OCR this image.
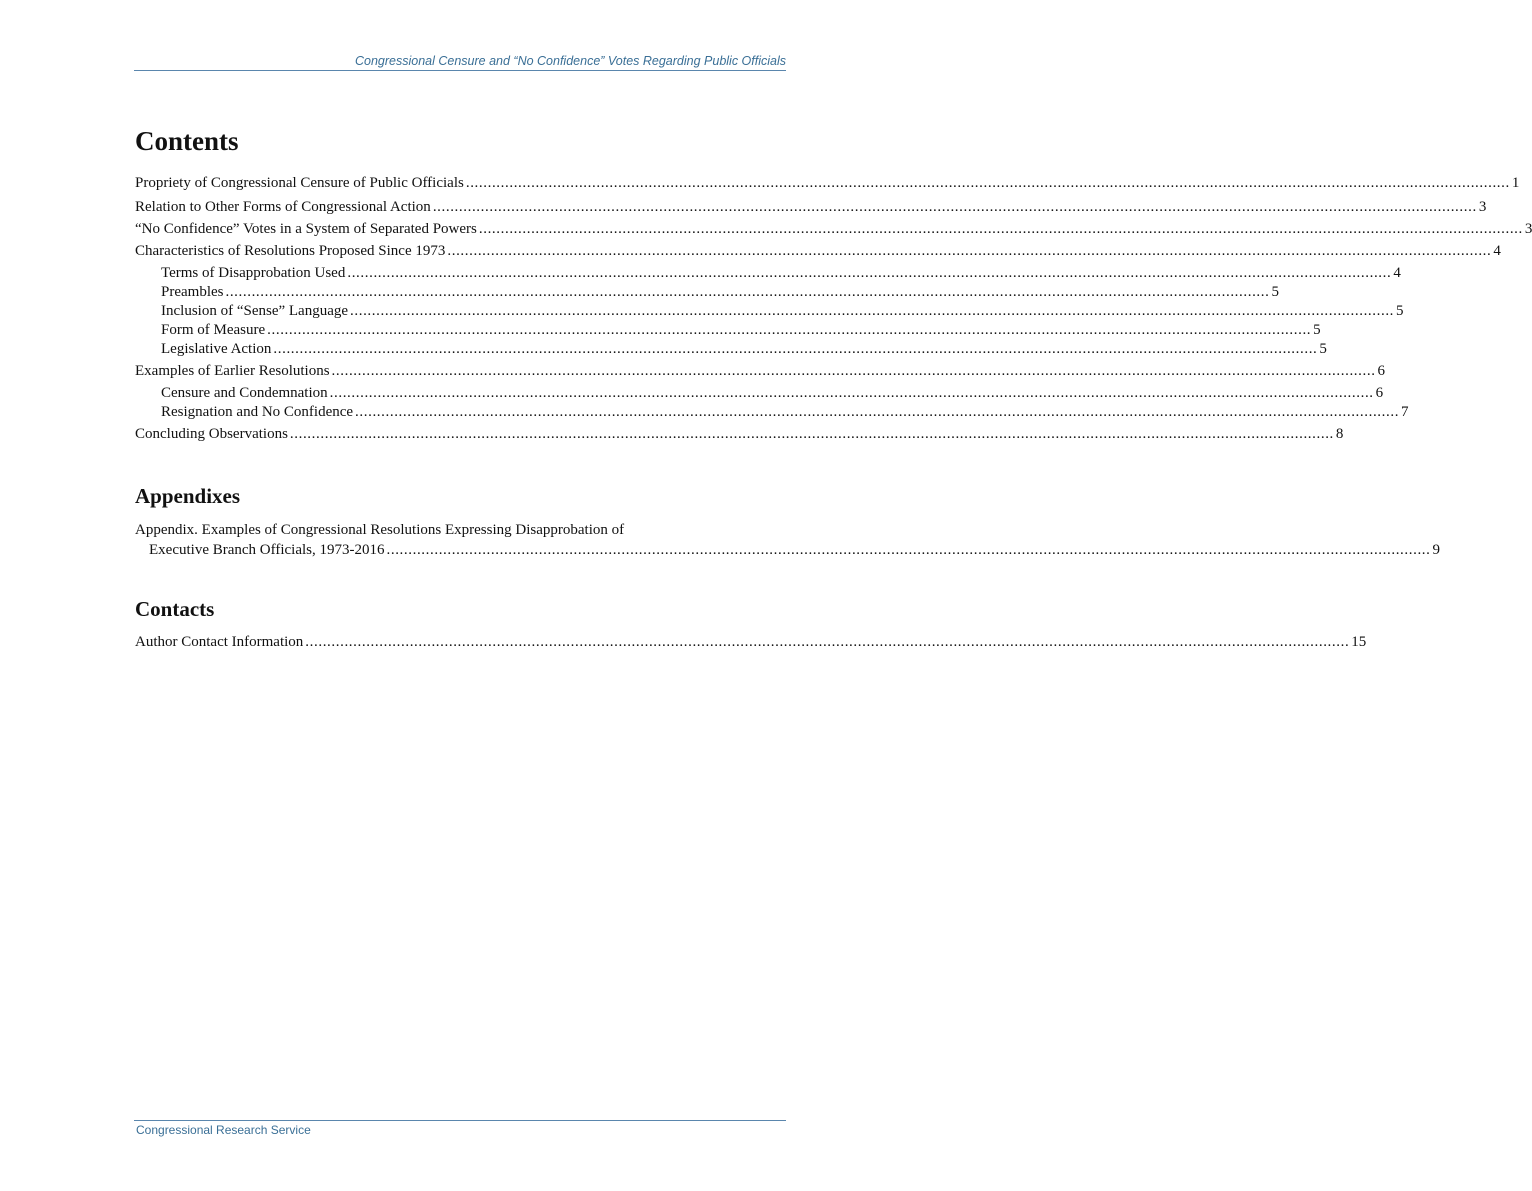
Congressional Censure and “No Confidence” Votes Regarding Public Officials
Contents
Propriety of Congressional Censure of Public Officials ................................................................................................................................................................................................................................................ 1
Relation to Other Forms of Congressional Action ................................................................................................................................................................................................................................................ 3
“No Confidence” Votes in a System of Separated Powers ................................................................................................................................................................................................................................................ 3
Characteristics of Resolutions Proposed Since 1973 ................................................................................................................................................................................................................................................ 4
Terms of Disapprobation Used ................................................................................................................................................................................................................................................ 4
Preambles ................................................................................................................................................................................................................................................ 5
Inclusion of “Sense” Language ................................................................................................................................................................................................................................................ 5
Form of Measure ................................................................................................................................................................................................................................................ 5
Legislative Action ................................................................................................................................................................................................................................................ 5
Examples of Earlier Resolutions ................................................................................................................................................................................................................................................ 6
Censure and Condemnation ................................................................................................................................................................................................................................................ 6
Resignation and No Confidence ................................................................................................................................................................................................................................................ 7
Concluding Observations ................................................................................................................................................................................................................................................ 8
Appendixes
Appendix. Examples of Congressional Resolutions Expressing Disapprobation of
Executive Branch Officials, 1973-2016 ................................................................................................................................................................................................................................................ 9
Contacts
Author Contact Information ................................................................................................................................................................................................................................................ 15
Congressional Research Service
